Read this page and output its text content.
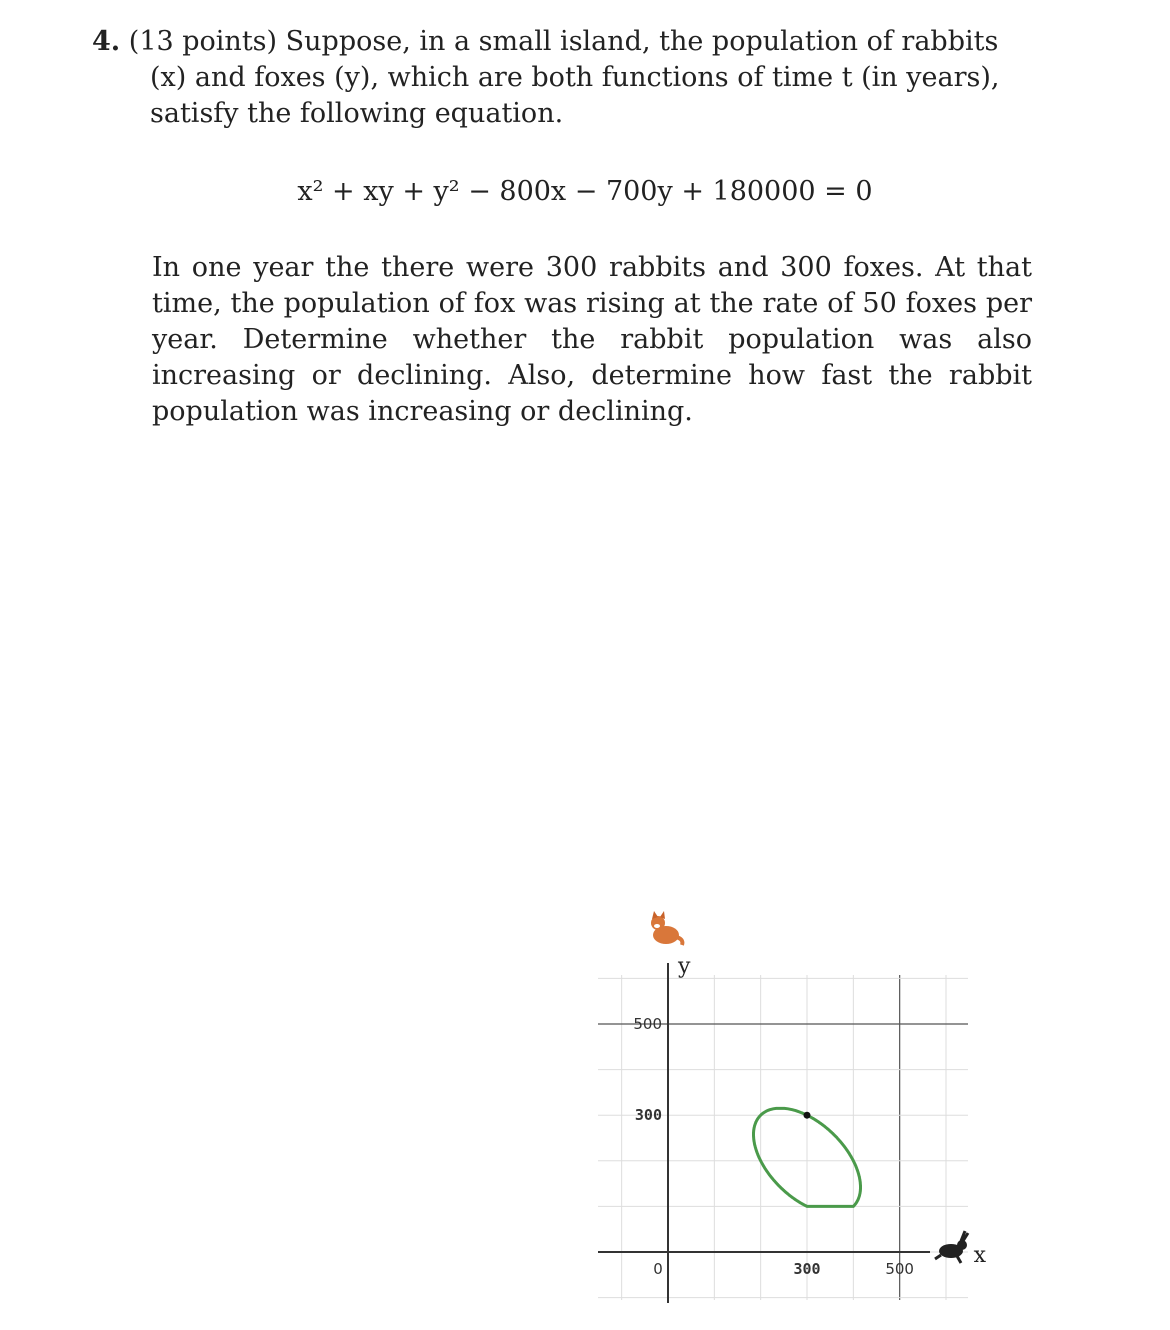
4. (13 points) Suppose, in a small island, the population of rabbits (x) and foxes (y), which are both functions of time t (in years), satisfy the following equation.
x² + xy + y² − 800x − 700y + 180000 = 0
In one year the there were 300 rabbits and 300 foxes. At that time, the population of fox was rising at the rate of 50 foxes per year. Determine whether the rabbit population was also increasing or declining. Also, determine how fast the rabbit population was increasing or declining.
0	300	500
500
300
y
x
